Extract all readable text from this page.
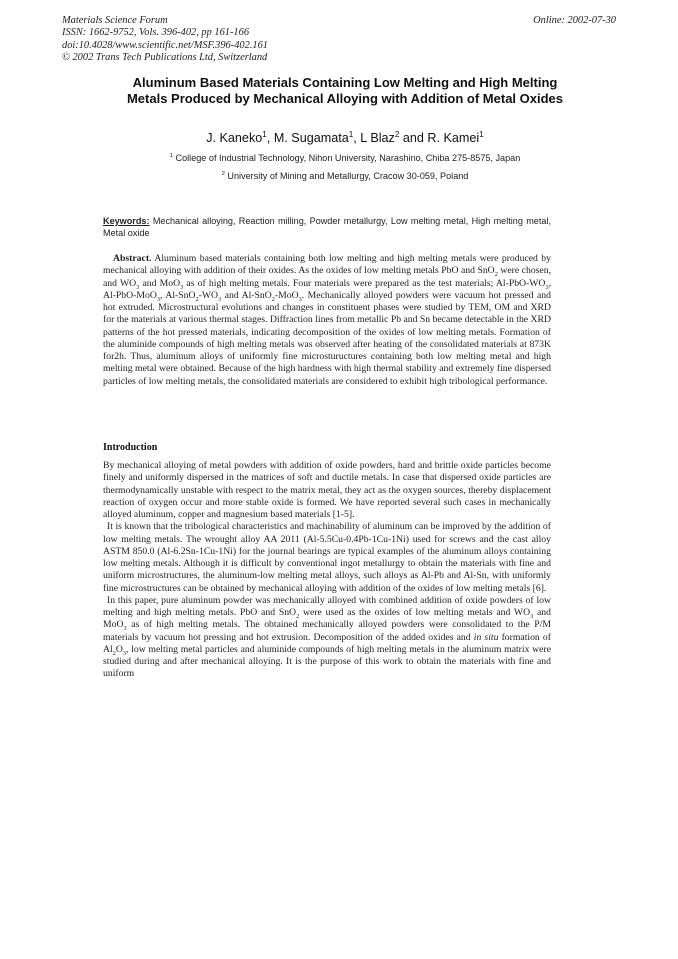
Materials Science Forum
ISSN: 1662-9752, Vols. 396-402, pp 161-166
doi:10.4028/www.scientific.net/MSF.396-402.161
© 2002 Trans Tech Publications Ltd, Switzerland
Online: 2002-07-30
Aluminum Based Materials Containing Low Melting and High Melting
Metals Produced by Mechanical Alloying with Addition of Metal Oxides
J. Kaneko$^1$, M. Sugamata$^1$, L Blaz$^2$ and R. Kamei$^1$
$^1$ College of Industrial Technology, Nihon University, Narashino, Chiba 275-8575, Japan
$^2$ University of Mining and Metallurgy, Cracow 30-059, Poland
Keywords: Mechanical alloying, Reaction milling, Powder metallurgy, Low melting metal, High melting metal, Metal oxide
Abstract. Aluminum based materials containing both low melting and high melting metals were produced by mechanical alloying with addition of their oxides. As the oxides of low melting metals PbO and SnO$_2$ were chosen, and $WO_3$ and MoO$_3$ as of high melting metals. Four materials were prepared as the test materials; $Al-PbO-WO_3$, Al-PbO-MoO$_3$, $Al-SnO_2-WO_3$ and Al-SnO$_2$-MoO$_3$. Mechanically alloyed powders were vacuum hot pressed and hot extruded. Microstructural evolutions and changes in constituent phases were studied by TEM, OM and XRD for the materials at various thermal stages. Diffraction lines from metallic Pb and Sn became detectable in the XRD patterns of the hot pressed materials, indicating decomposition of the oxides of low melting metals. Formation of the aluminide compounds of high melting metals was observed after heating of the consolidated materials at 873K for2h. Thus, aluminum alloys of uniformly fine microstuructures containing both low melting metal and high melting metal were obtained. Because of the high hardness with high thermal stability and extremely fine dispersed particles of low melting metals, the consolidated materials are considered to exhibit high tribological performance.
Introduction

By mechanical alloying of metal powders with addition of oxide powders, hard and brittle oxide particles become finely and uniformly dispersed in the matrices of soft and ductile metals. In case that dispersed oxide particles are thermodynamically unstable with respect to the matrix metal, they act as the oxygen sources, thereby displacement reaction of oxygen occur and more stable oxide is formed. We have reported several such cases in mechanically alloyed aluminum, copper and magnesium based materials [1-5].

It is known that the tribological characteristics and machinability of aluminum can be improved by the addition of low melting metals. The wrought alloy AA 2011 (Al-5.5Cu-0.4Pb-1Cu-1Ni) used for screws and the cast alloy ASTM 850.0 (Al-6.2Sn-1Cu-1Ni) for the journal bearings are typical examples of the aluminum alloys containing low melting metals. Although it is difficult by conventional ingot metallurgy to obtain the materials with fine and uniform microstructures, the aluminum-low melting metal alloys, such alloys as Al-Pb and Al-Sn, with uniformly fine microstructures can be obtained by mechanical alloying with addition of the oxides of low melting metals [6].

In this paper, pure aluminum powder was mechanically alloyed with combined addition of oxide powders of low melting and high melting metals. PbO and SnO$_2$ were used as the oxides of low melting metals and $WO_3$ and MoO$_3$ as of high melting metals. The obtained mechanically alloyed powders were consolidated to the P/M materials by vacuum hot pressing and hot extrusion. Decomposition of the added oxides and in situ formation of $Al_2O_3$, low melting metal particles and aluminide compounds of high melting metals in the aluminum matrix were studied during and after mechanical alloying. It is the purpose of this work to obtain the materials with fine and uniform
